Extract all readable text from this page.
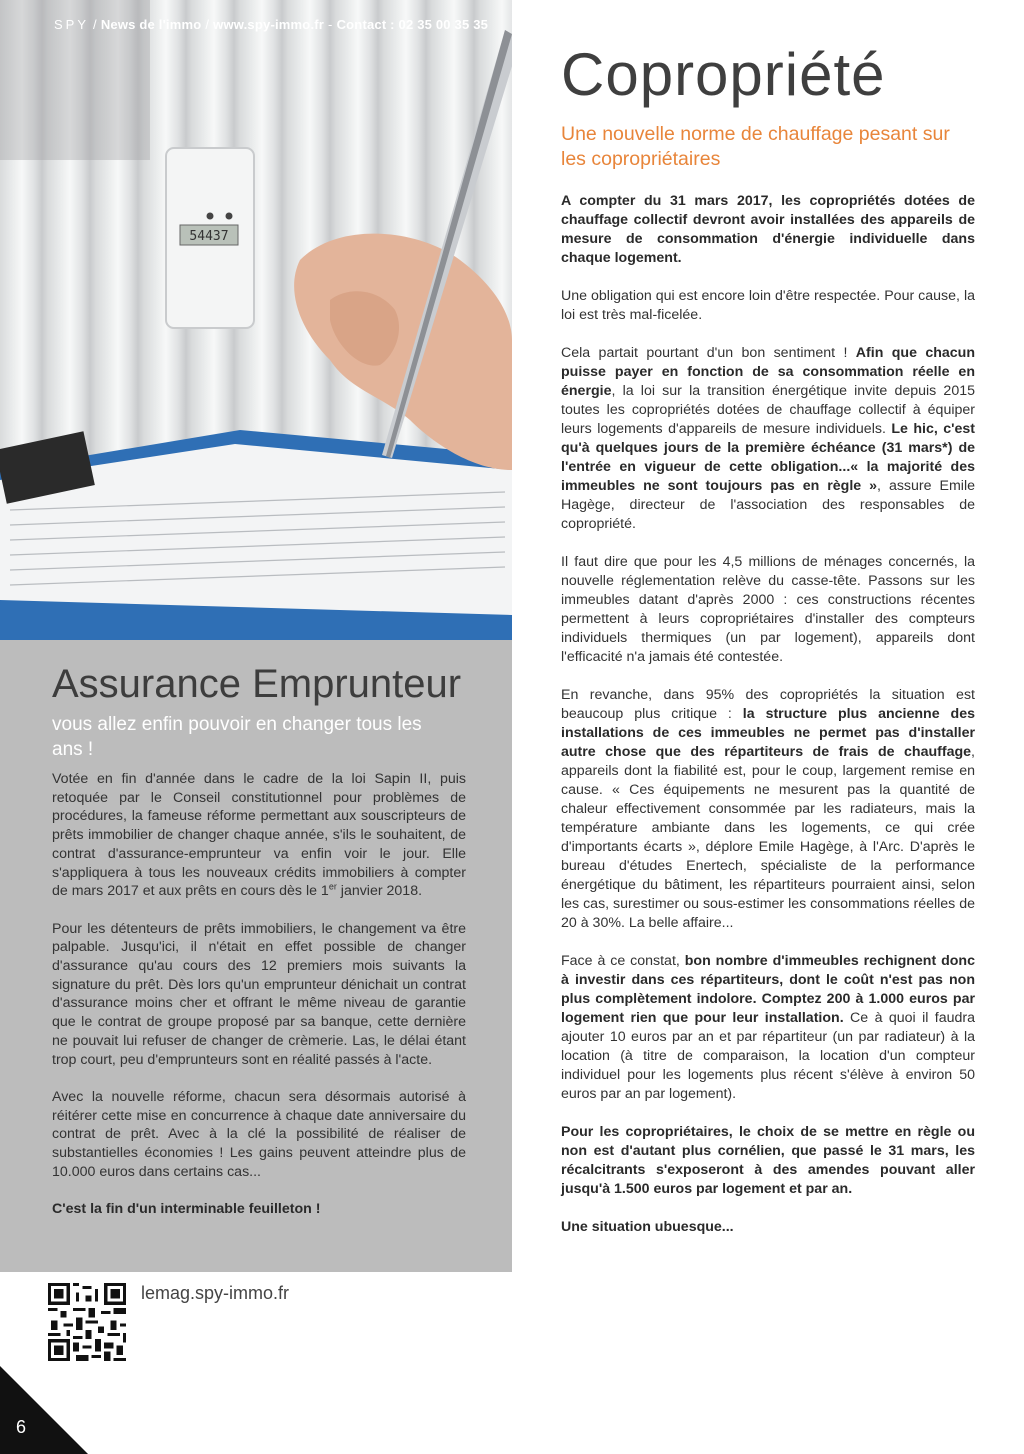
54437
SPY / News de l'immo / www.spy-immo.fr - Contact : 02 35 00 35 35
Assurance Emprunteur
vous allez enfin pouvoir en changer tous les ans !

Votée en fin d'année dans le cadre de la loi Sapin II, puis retoquée par le Conseil constitutionnel pour problèmes de procédures, la fameuse réforme permettant aux souscripteurs de prêts immobilier de changer chaque année, s'ils le souhaitent, de contrat d'assurance-emprunteur va enfin voir le jour. Elle s'appliquera à tous les nouveaux crédits immobiliers à compter de mars 2017 et aux prêts en cours dès le 1er janvier 2018.

Pour les détenteurs de prêts immobiliers, le changement va être palpable. Jusqu'ici, il n'était en effet possible de changer d'assurance qu'au cours des 12 premiers mois suivants la signature du prêt. Dès lors qu'un emprunteur dénichait un contrat d'assurance moins cher et offrant le même niveau de garantie que le contrat de groupe proposé par sa banque, cette dernière ne pouvait lui refuser de changer de crèmerie. Las, le délai étant trop court, peu d'emprunteurs sont en réalité passés à l'acte.

Avec la nouvelle réforme, chacun sera désormais autorisé à réitérer cette mise en concurrence à chaque date anniversaire du contrat de prêt. Avec à la clé la possibilité de réaliser de substantielles économies ! Les gains peuvent atteindre plus de 10.000 euros dans certains cas...

C'est la fin d'un interminable feuilleton !

Copropriété
Une nouvelle norme de chauffage pesant sur les copropriétaires

A compter du 31 mars 2017, les copropriétés dotées de chauffage collectif devront avoir installées des appareils de mesure de consommation d'énergie individuelle dans chaque logement.

Une obligation qui est encore loin d'être respectée. Pour cause, la loi est très mal-ficelée.

Cela partait pourtant d'un bon sentiment ! Afin que chacun puisse payer en fonction de sa consommation réelle en énergie, la loi sur la transition énergétique invite depuis 2015 toutes les copropriétés dotées de chauffage collectif à équiper leurs logements d'appareils de mesure individuels. Le hic, c'est qu'à quelques jours de la première échéance (31 mars*) de l'entrée en vigueur de cette obligation...« la majorité des immeubles ne sont toujours pas en règle », assure Emile Hagège, directeur de l'association des responsables de copropriété.

Il faut dire que pour les 4,5 millions de ménages concernés, la nouvelle réglementation relève du casse-tête. Passons sur les immeubles datant d'après 2000 : ces constructions récentes permettent à leurs copropriétaires d'installer des compteurs individuels thermiques (un par logement), appareils dont l'efficacité n'a jamais été contestée.

En revanche, dans 95% des copropriétés la situation est beaucoup plus critique : la structure plus ancienne des installations de ces immeubles ne permet pas d'installer autre chose que des répartiteurs de frais de chauffage, appareils dont la fiabilité est, pour le coup, largement remise en cause. « Ces équipements ne mesurent pas la quantité de chaleur effectivement consommée par les radiateurs, mais la température ambiante dans les logements, ce qui crée d'importants écarts », déplore Emile Hagège, à l'Arc. D'après le bureau d'études Enertech, spécialiste de la performance énergétique du bâtiment, les répartiteurs pourraient ainsi, selon les cas, surestimer ou sous-estimer les consommations réelles de 20 à 30%. La belle affaire...

Face à ce constat, bon nombre d'immeubles rechignent donc à investir dans ces répartiteurs, dont le coût n'est pas non plus complètement indolore. Comptez 200 à 1.000 euros par logement rien que pour leur installation. Ce à quoi il faudra ajouter 10 euros par an et par répartiteur (un par radiateur) à la location (à titre de comparaison, la location d'un compteur individuel pour les logements plus récent s'élève à environ 50 euros par an par logement).

Pour les copropriétaires, le choix de se mettre en règle ou non est d'autant plus cornélien, que passé le 31 mars, les récalcitrants s'exposeront à des amendes pouvant aller jusqu'à 1.500 euros par logement et par an.

Une situation ubuesque...

lemag.spy-immo.fr
6
